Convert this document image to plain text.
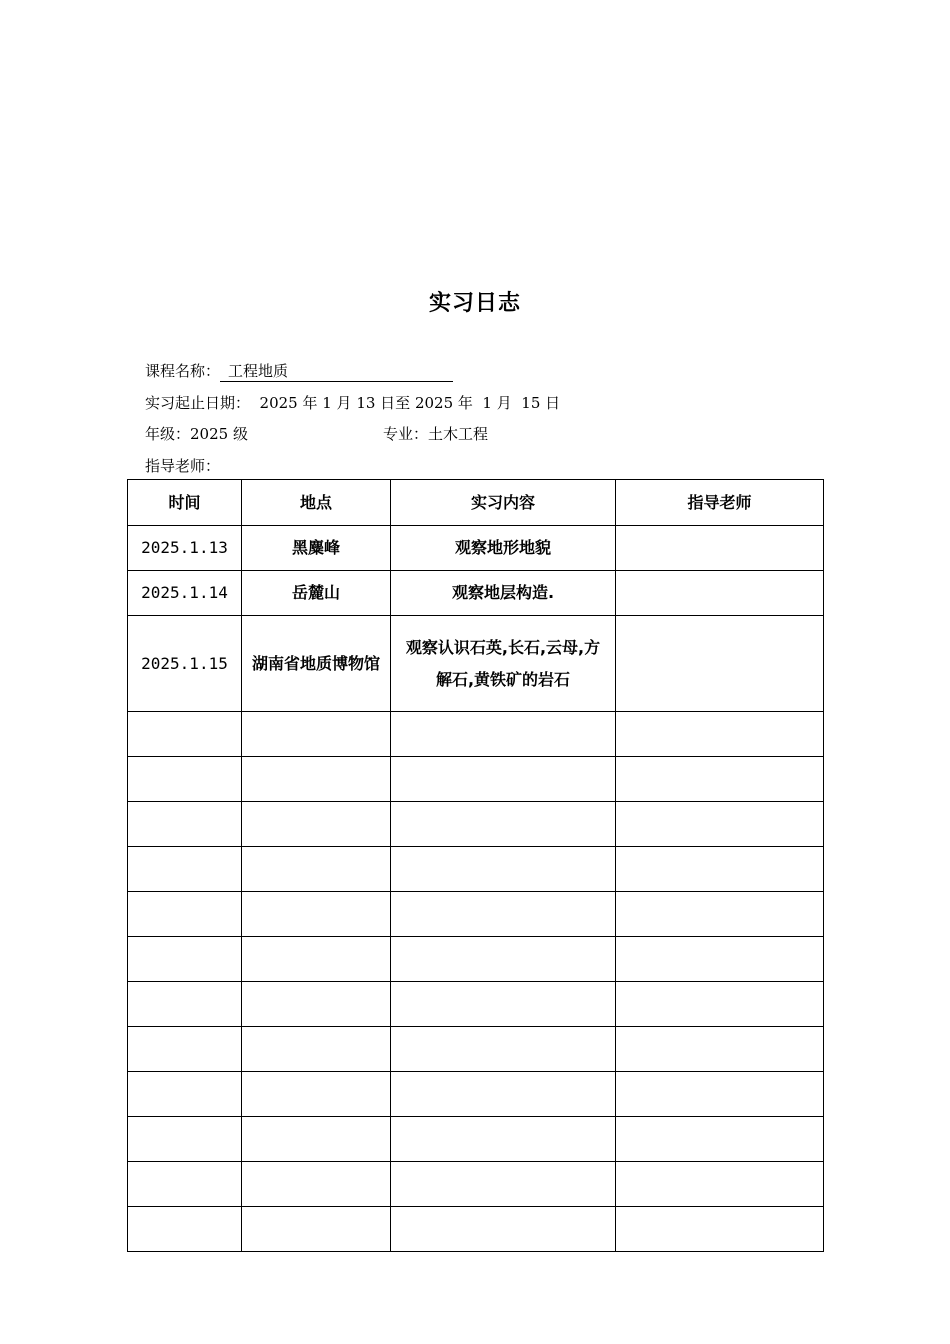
实习日志
课程名称： 工程地质
实习起止日期：  2025 年 1 月 13 日至 2025 年  1 月  15 日
年级：2025 级	专业：土木工程
指导老师：
时间	地点	实习内容	指导老师
2025.1.13	黑麋峰	观察地形地貌	
2025.1.14	岳麓山	观察地层构造.	
2025.1.15	湖南省地质博物馆	观察认识石英,长石,云母,方解石,黄铁矿的岩石	
